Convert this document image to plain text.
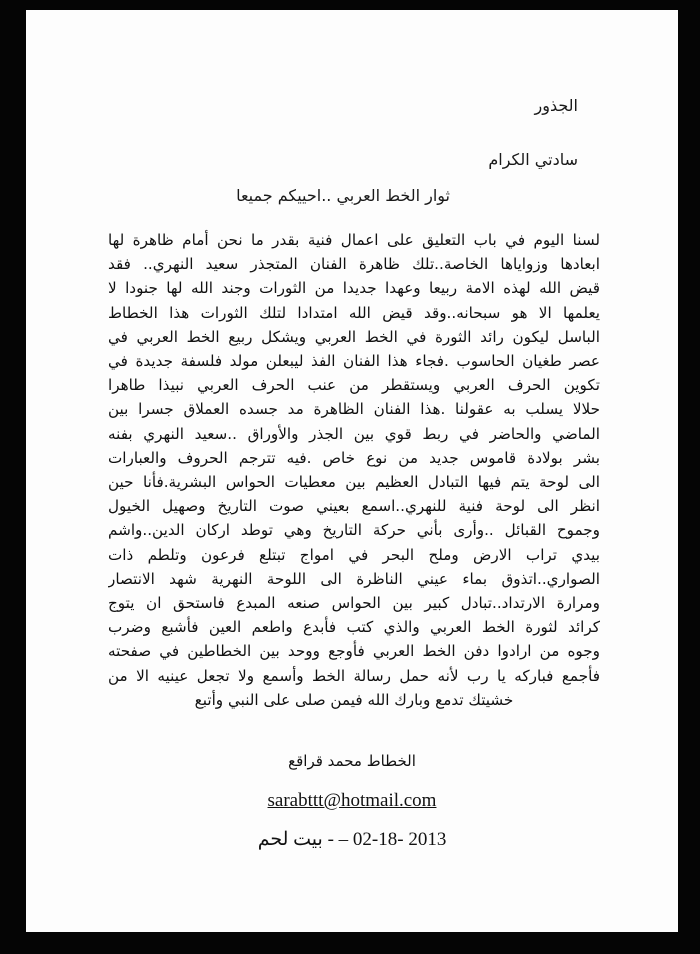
الجذور
سادتي الكرام
ثوار الخط العربي ..احييكم جميعا
لسنا اليوم في باب التعليق على اعمال فنية بقدر ما نحن أمام ظاهرة لها
ابعادها وزواياها الخاصة..تلك ظاهرة الفنان المتجذر سعيد النهري.. فقد
قيض الله لهذه الامة ربيعا وعهدا جديدا من الثورات وجند الله لها جنودا لا
يعلمها الا هو سبحانه..وقد قيض الله امتدادا لتلك الثورات هذا الخطاط
الباسل ليكون رائد الثورة في الخط العربي ويشكل ربيع الخط العربي في
عصر طغيان الحاسوب .فجاء هذا الفنان الفذ ليبعلن مولد فلسفة جديدة في
تكوين الحرف العربي ويستقطر من عنب الحرف العربي نبيذا طاهرا
حلالا يسلب به عقولنا .هذا الفنان الظاهرة مد جسده العملاق جسرا بين
الماضي والحاضر في ربط قوي بين الجذر والأوراق ..سعيد النهري بفنه
بشر بولادة قاموس جديد من نوع خاص .فيه تترجم الحروف والعبارات
الى لوحة يتم فيها التبادل العظيم بين معطيات الحواس البشرية.فأنا حين
انظر الى لوحة فنية للنهري..اسمع بعيني صوت التاريخ وصهيل الخيول
وجموح القبائل ..وأرى بأني حركة التاريخ وهي توطد اركان الدين..واشم
بيدي تراب الارض وملح البحر في امواج تبتلع فرعون وتلطم ذات
الصواري..اتذوق بماء عيني الناظرة الى اللوحة النهرية شهد الانتصار
ومرارة الارتداد..تبادل كبير بين الحواس صنعه المبدع فاستحق ان يتوج
كرائد لثورة الخط العربي والذي كتب فأبدع واطعم العين فأشبع وضرب
وجوه من ارادوا دفن الخط العربي فأوجع ووحد بين الخطاطين في صفحته
فأجمع فباركه يا رب لأنه حمل رسالة الخط وأسمع ولا تجعل عينيه الا من
خشيتك تدمع وبارك الله فيمن صلى على النبي وأتبع
الخطاط محمد قراقع
sarabttt@hotmail.com
2013 -02-18 – - بيت لحم
